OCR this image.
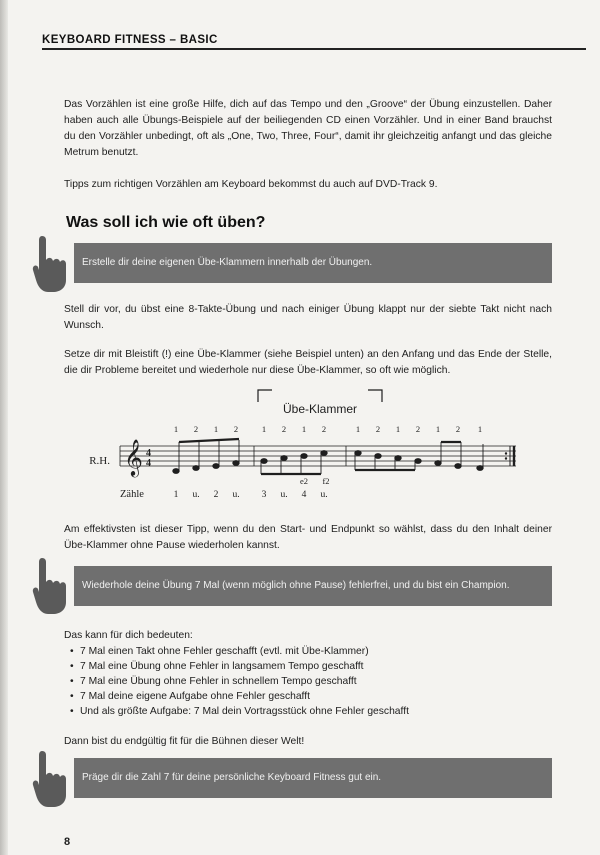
KEYBOARD FITNESS – BASIC

Das Vorzählen ist eine große Hilfe, dich auf das Tempo und den „Groove“ der Übung einzustellen. Daher haben auch alle Übungs-Beispiele auf der beiliegenden CD einen Vorzähler. Und in einer Band brauchst du den Vorzähler unbedingt, oft als „One, Two, Three, Four“, damit ihr gleichzeitig anfangt und das gleiche Metrum benutzt.

Tipps zum richtigen Vorzählen am Keyboard bekommst du auch auf DVD-Track 9.

Was soll ich wie oft üben?
Erstelle dir deine eigenen Übe-Klammern innerhalb der Übungen.

Stell dir vor, du übst eine 8-Takte-Übung und nach einiger Übung klappt nur der siebte Takt nicht nach Wunsch.

Setze dir mit Bleistift (!) eine Übe-Klammer (siehe Beispiel unten) an den Anfang und das Ende der Stelle, die dir Probleme bereitet und wiederhole nur diese Übe-Klammer, so oft wie möglich.

Übe-Klammer
𝄞 4
4
R.H.
1 2 1 2	1 2 1 2	1 2 1 2 1 2 1
e2 f2
Zähle	1 u. 2 u. 3 u. 4 u.

Am effektivsten ist dieser Tipp, wenn du den Start- und Endpunkt so wählst, dass du den Inhalt deiner Übe-Klammer ohne Pause wiederholen kannst.

Wiederhole deine Übung 7 Mal (wenn möglich ohne Pause) fehlerfrei, und du bist ein Champion.

Das kann für dich bedeuten:

• 7 Mal einen Takt ohne Fehler geschafft (evtl. mit Übe-Klammer)
• 7 Mal eine Übung ohne Fehler in langsamem Tempo geschafft
• 7 Mal eine Übung ohne Fehler in schnellem Tempo geschafft
• 7 Mal deine eigene Aufgabe ohne Fehler geschafft
• Und als größte Aufgabe: 7 Mal dein Vortragsstück ohne Fehler geschafft

Dann bist du endgültig fit für die Bühnen dieser Welt!

Präge dir die Zahl 7 für deine persönliche Keyboard Fitness gut ein.
8
